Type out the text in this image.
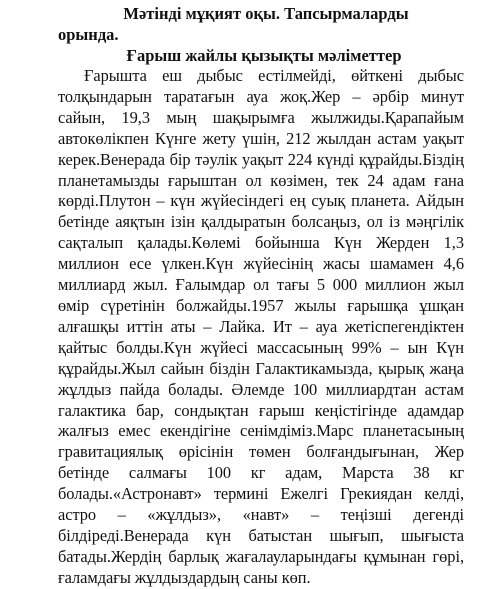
Мәтінді мұқият оқы. Тапсырмаларды
орында.

Ғарыш жайлы қызықты мәліметтер

Ғарышта еш дыбыс естілмейді, өйткені дыбыс толқындарын таратағын ауа жоқ.Жер – әрбір минут сайын, 19,3 мың шақырымға жылжиды.Қарапайым автокөлікпен Күнге жету үшін, 212 жылдан астам уақыт керек.Венерада бір тәулік уақыт 224 күнді құрайды.Біздің планетамызды ғарыштан ол көзімен, тек 24 адам ғана көрді.Плутон – күн жүйесіндегі ең суық планета. Айдын бетінде аяқтын ізін қалдыратын болсаңыз, ол із мәңгілік сақталып қалады.Көлемі бойынша Күн Жерден 1,3 миллион есе үлкен.Күн жүйесінің жасы шамамен 4,6 миллиард жыл. Ғалымдар ол тағы 5 000 миллион жыл өмір сүретінін болжайды.1957 жылы ғарышқа ұшқан алғашқы иттін аты – Лайка. Ит – ауа жетіспегендіктен қайтыс болды.Күн жүйесі массасының 99% – ын Күн құрайды.Жыл сайын біздін Галактикамызда, қырық жаңа жұлдыз пайда болады. Әлемде 100 миллиардтан астам галактика бар, сондықтан ғарыш кеңістігінде адамдар жалғыз емес екендігіне сенімдіміз.Марс планетасының гравитациялық өрісінін төмен болғандығынан, Жер бетінде салмағы 100 кг адам, Марста 38 кг болады.«Астронавт» термині Ежелгі Грекиядан келді, астро – «жұлдыз», «навт» – теңізші дегенді білдіреді.Венерада күн батыстан шығып, шығыста батады.Жердің барлық жағалауларындағы құмынан гөрі, ғаламдағы жұлдыздардың саны көп.
